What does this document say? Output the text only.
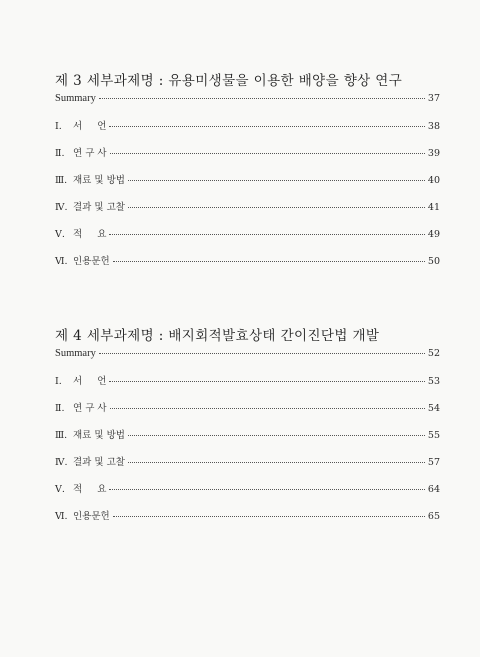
제 3 세부과제명 : 유용미생물을 이용한 배양을 향상 연구
Summary	37
Ⅰ. 서     언	38
Ⅱ. 연 구 사	39
Ⅲ. 재료 및 방법	40
Ⅳ. 결과 및 고찰	41
Ⅴ. 적     요	49
Ⅵ. 인용문헌	50
제 4 세부과제명 : 배지회적발효상태 간이진단법 개발
Summary	52
Ⅰ. 서     언	53
Ⅱ. 연 구 사	54
Ⅲ. 재료 및 방법	55
Ⅳ. 결과 및 고찰	57
Ⅴ. 적     요	64
Ⅵ. 인용문헌	65
